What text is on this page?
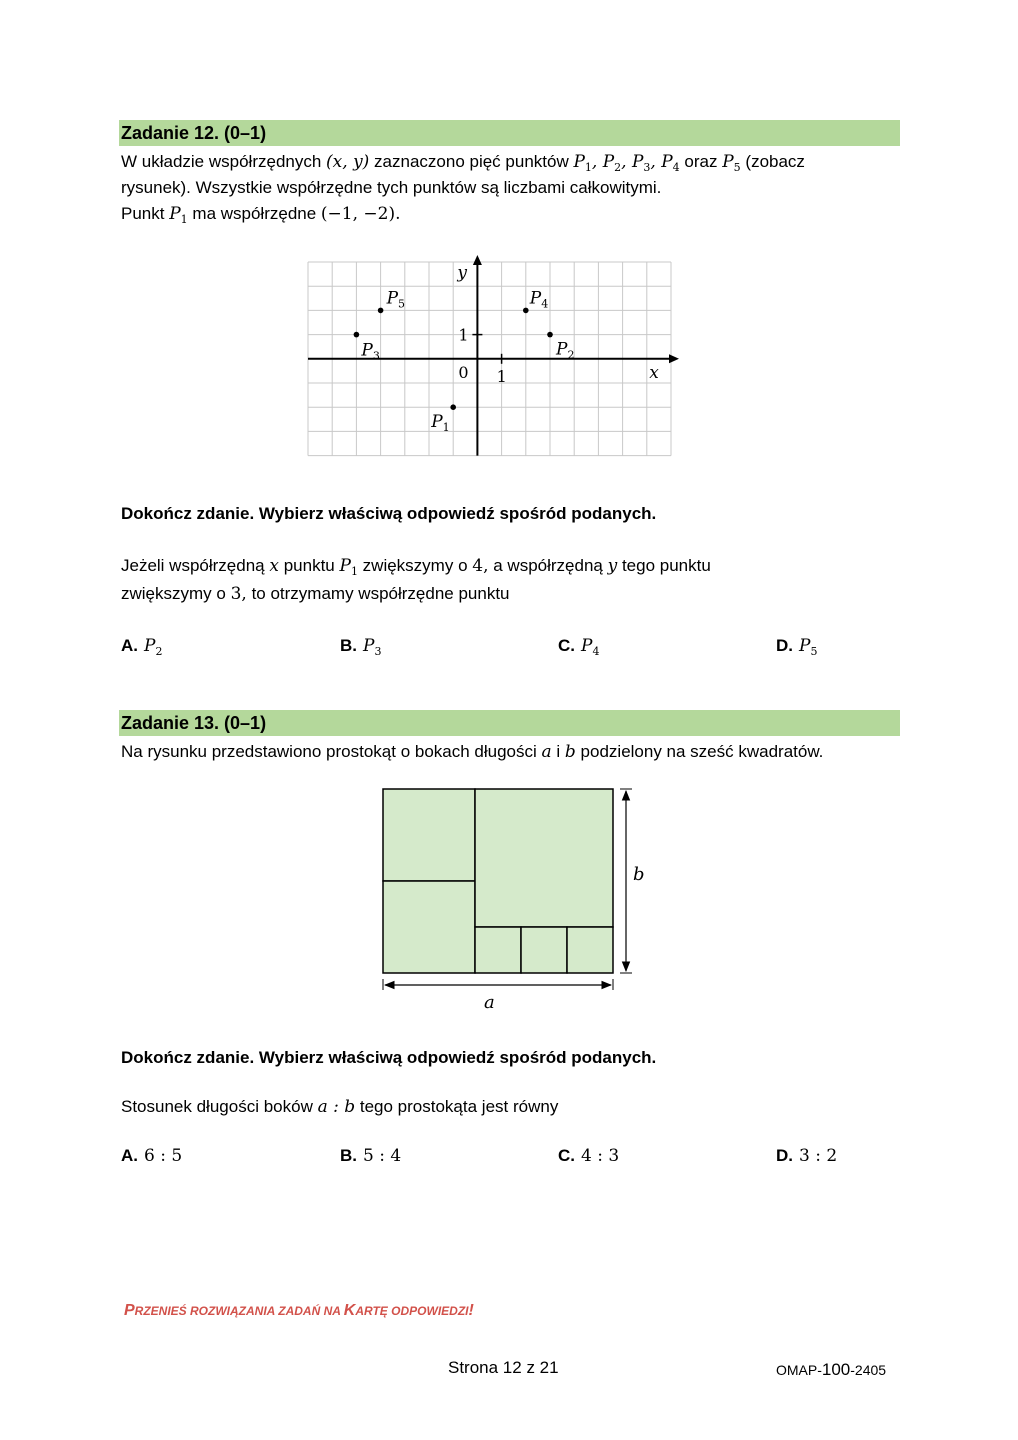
Zadanie 12. (0–1)
W układzie współrzędnych (x, y) zaznaczono pięć punktów $P_1$, $P_2$, $P_3$, $P_4$ oraz $P_5$ (zobacz
rysunek). Wszystkie współrzędne tych punktów są liczbami całkowitymi.
Punkt $P_1$ ma współrzędne (−1, −2).
y
x
0 1
1
$P_1$
$P_2$
$P_3$
$P_4$
$P_5$
Dokończ zdanie. Wybierz właściwą odpowiedź spośród podanych.
Jeżeli współrzędną x punktu $P_1$ zwiększymy o 4, a współrzędną y tego punktu
zwiększymy o 3, to otrzymamy współrzędne punktu
A. $P_2$	B. $P_3$	C. $P_4$	D. $P_5$
Zadanie 13. (0–1)
Na rysunku przedstawiono prostokąt o bokach długości a i b podzielony na sześć kwadratów.
b
a
Dokończ zdanie. Wybierz właściwą odpowiedź spośród podanych.
Stosunek długości boków a : b tego prostokąta jest równy
A. 6 : 5	B. 5 : 4	C. 4 : 3	D. 3 : 2
PRZENIEŚ ROZWIĄZANIA ZADAŃ NA KARTĘ ODPOWIEDZI!
Strona 12 z 21	OMAP-100-2405
